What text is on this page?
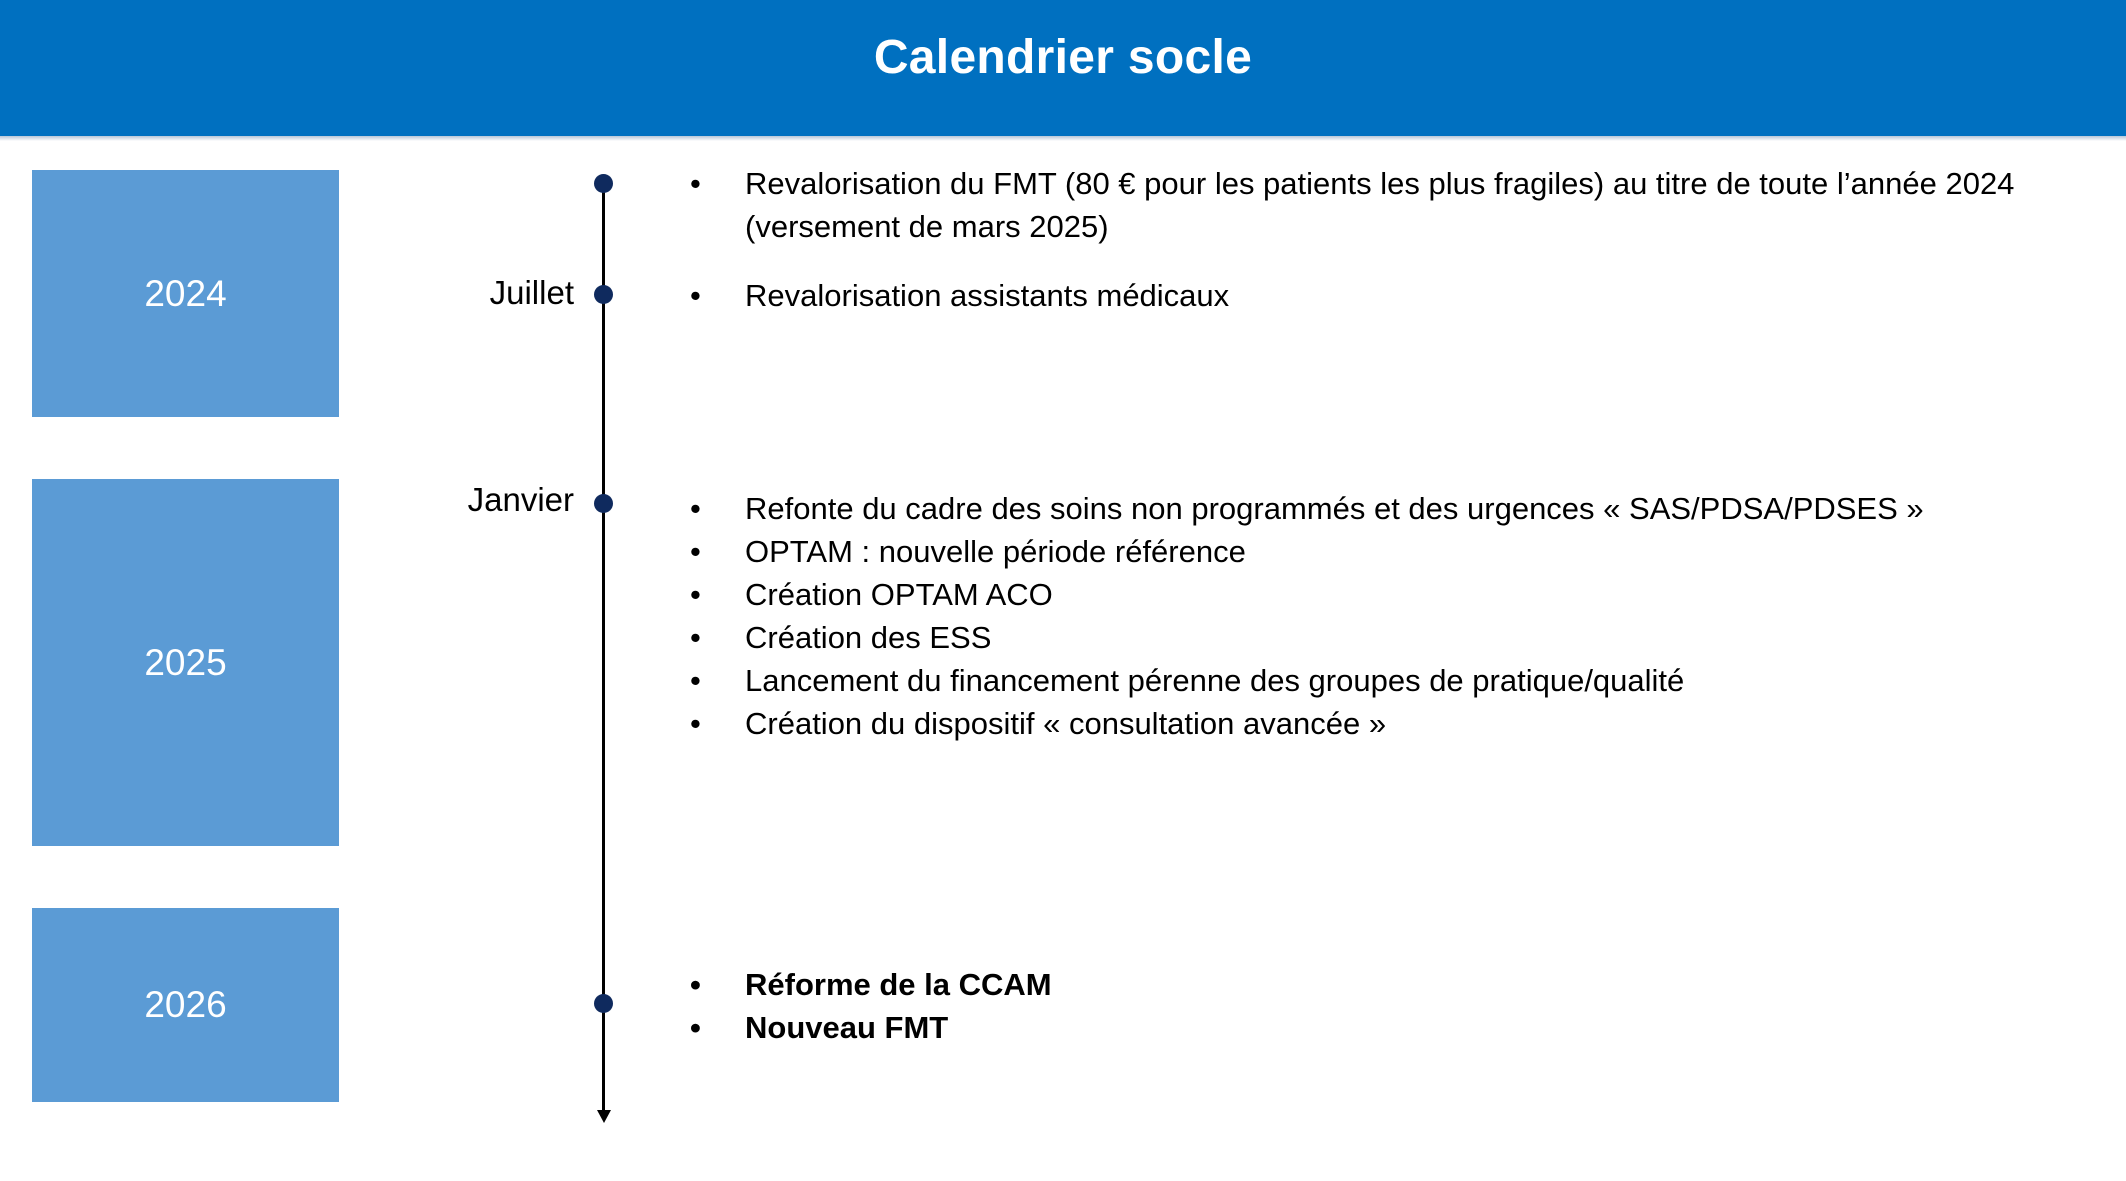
Calendrier socle
2024
2025
2026
Juillet
Janvier
• Revalorisation du FMT (80 € pour les patients les plus fragiles) au titre de toute l’année 2024 (versement de mars 2025)
• Revalorisation assistants médicaux
• Refonte du cadre des soins non programmés et des urgences « SAS/PDSA/PDSES »
• OPTAM : nouvelle période référence
• Création OPTAM ACO
• Création des ESS
• Lancement du financement pérenne des groupes de pratique/qualité
• Création du dispositif « consultation avancée »
• Réforme de la CCAM
• Nouveau FMT
